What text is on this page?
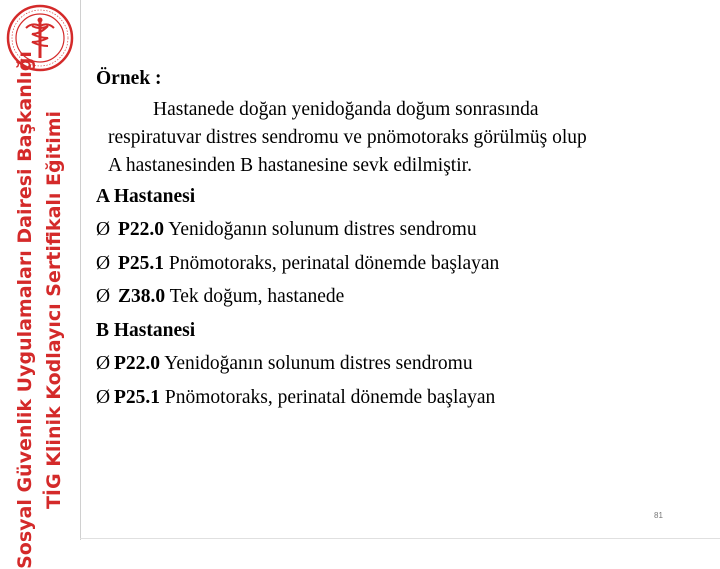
Sosyal Güvenlik Uygulamaları Dairesi Başkanlığı TİG Klinik Kodlayıcı Sertifikalı Eğitimi
Örnek :
Hastanede doğan yenidoğanda doğum sonrasında
respiratuvar distres sendromu ve pnömotoraks görülmüş olup
A hastanesinden B hastanesine sevk edilmiştir.
A Hastanesi
Ø P22.0 Yenidoğanın solunum distres sendromu
Ø P25.1 Pnömotoraks, perinatal dönemde başlayan
Ø Z38.0 Tek doğum, hastanede
B Hastanesi
Ø P22.0 Yenidoğanın solunum distres sendromu
Ø P25.1 Pnömotoraks, perinatal dönemde başlayan
81
